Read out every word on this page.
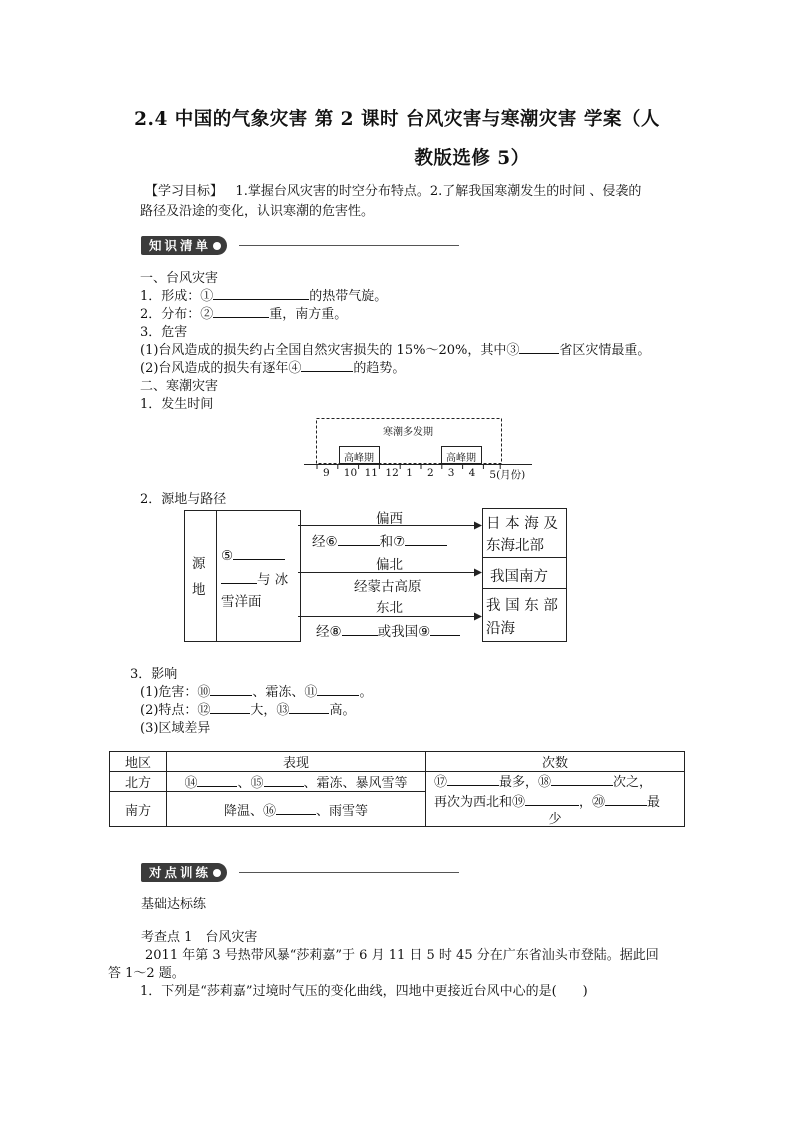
2.4 中国的气象灾害 第 2 课时 台风灾害与寒潮灾害 学案（人
教版选修 5）
【学习目标】 1.掌握台风灾害的时空分布特点。2.了解我国寒潮发生的时间 、侵袭的
路径及沿途的变化，认识寒潮的危害性。
知识清单
一、台风灾害
1．形成：①	的热带气旋。
2．分布：②	重，南方重。
3．危害
(1)台风造成的损失约占全国自然灾害损失的 15%～20%，其中③	省区灾情最重。
(2)台风造成的损失有逐年④	的趋势。
二、寒潮灾害
1．发生时间
寒潮多发期
高峰期	高峰期
9 10 11 12 1 2 3 4 5(月份)
2．源地与路径
源
地
⑤
与 冰
雪洋面
偏西
经⑥	和⑦
偏北
经蒙古高原
东北
经⑧	或我国⑨
日 本 海 及
东海北部
我国南方
我 国 东 部
沿海
3．影响
(1)危害：⑩	、霜冻、⑪	。
(2)特点：⑫	大，⑬	高。
(3)区域差异
地区	表现	次数
北方	⑭ 、⑮ 、霜冻、暴风雪等	⑰ 最多，⑱ 次之，
再次为西北和⑲ ，⑳ 最
少

南方	降温、⑯ 、雨雪等	
对点训练
基础达标练
考查点 1　台风灾害
2011 年第 3 号热带风暴“莎莉嘉”于 6 月 11 日 5 时 45 分在广东省汕头市登陆。据此回
答 1～2 题。
1．下列是“莎莉嘉”过境时气压的变化曲线，四地中更接近台风中心的是(　　)
